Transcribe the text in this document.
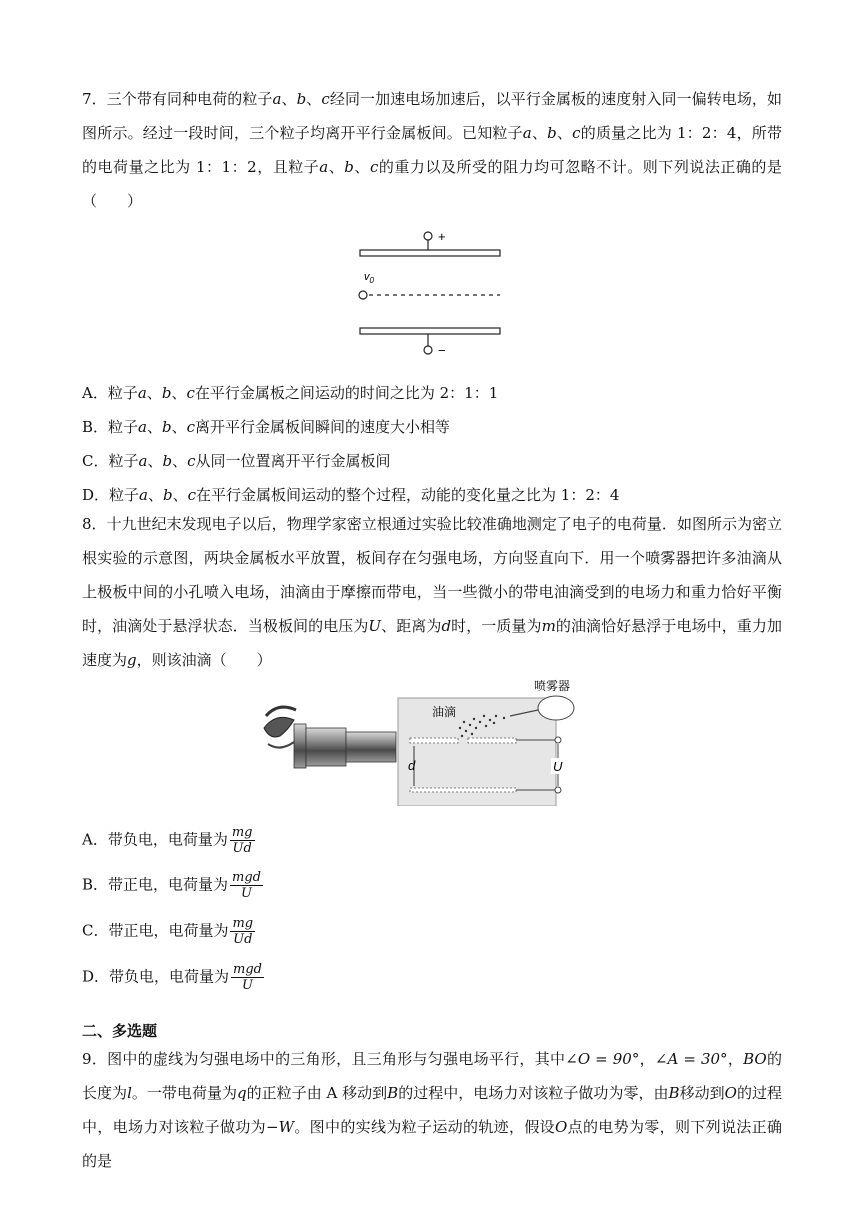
7．三个带有同种电荷的粒子a、b、c经同一加速电场加速后，以平行金属板的速度射入同一偏转电场，如图所示。经过一段时间，三个粒子均离开平行金属板间。已知粒子a、b、c的质量之比为 1：2：4，所带的电荷量之比为 1：1：2，且粒子a、b、c的重力以及所受的阻力均可忽略不计。则下列说法正确的是（　　）

+
$v_0$
−
A．粒子a、b、c在平行金属板之间运动的时间之比为 2：1：1
B．粒子a、b、c离开平行金属板间瞬间的速度大小相等
C．粒子a、b、c从同一位置离开平行金属板间
D．粒子a、b、c在平行金属板间运动的整个过程，动能的变化量之比为 1：2：4

8．十九世纪末发现电子以后，物理学家密立根通过实验比较准确地测定了电子的电荷量．如图所示为密立根实验的示意图，两块金属板水平放置，板间存在匀强电场，方向竖直向下．用一个喷雾器把许多油滴从上极板中间的小孔喷入电场，油滴由于摩擦而带电，当一些微小的带电油滴受到的电场力和重力恰好平衡时，油滴处于悬浮状态．当极板间的电压为U、距离为d时，一质量为m的油滴恰好悬浮于电场中，重力加速度为g，则该油滴（　　）

油滴
喷雾器
d	U
A．带负电，电荷量为 $\frac{mg}{Ud}$
B．带正电，电荷量为 $\frac{\text{mgd}}{U}$
C．带正电，电荷量为 $\frac{mg}{Ud}$
D．带负电，电荷量为 $\frac{\text{mgd}}{U}$
二、多选题

9．图中的虚线为匀强电场中的三角形，且三角形与匀强电场平行，其中∠O = 90°，∠A = 30°，BO的长度为l。一带电荷量为q的正粒子由 A 移动到B的过程中，电场力对该粒子做功为零，由B移动到O的过程中，电场力对该粒子做功为−W。图中的实线为粒子运动的轨迹，假设O点的电势为零，则下列说法正确的是
